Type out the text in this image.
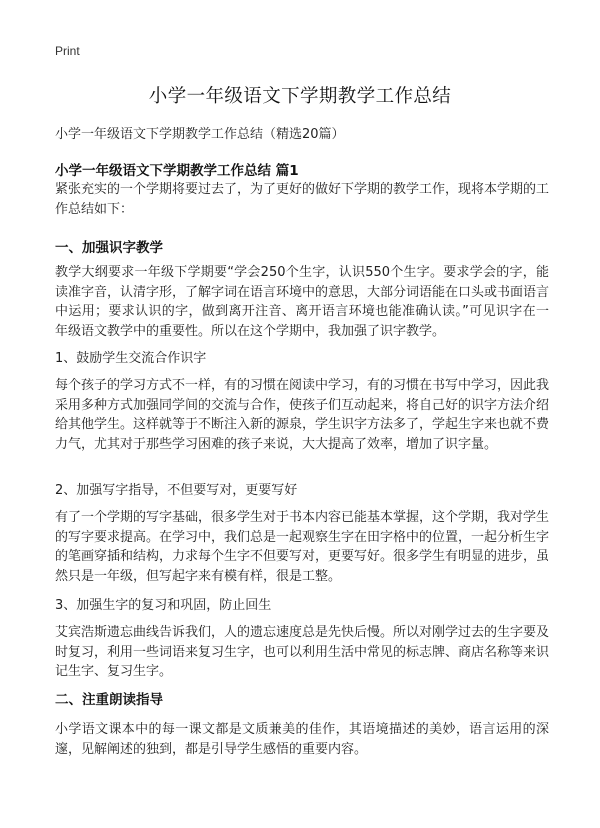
Print
小学一年级语文下学期教学工作总结
小学一年级语文下学期教学工作总结（精选20篇）
小学一年级语文下学期教学工作总结 篇1
紧张充实的一个学期将要过去了，为了更好的做好下学期的教学工作，现将本学期的工作总结如下：
一、加强识字教学
教学大纲要求一年级下学期要“学会250个生字，认识550个生字。要求学会的字，能读准字音，认清字形，了解字词在语言环境中的意思，大部分词语能在口头或书面语言中运用；要求认识的字，做到离开注音、离开语言环境也能准确认读。”可见识字在一年级语文教学中的重要性。所以在这个学期中，我加强了识字教学。
1、鼓励学生交流合作识字
每个孩子的学习方式不一样，有的习惯在阅读中学习，有的习惯在书写中学习，因此我采用多种方式加强同学间的交流与合作，使孩子们互动起来，将自己好的识字方法介绍给其他学生。这样就等于不断注入新的源泉，学生识字方法多了，学起生字来也就不费力气，尤其对于那些学习困难的孩子来说，大大提高了效率，增加了识字量。
2、加强写字指导，不但要写对，更要写好
有了一个学期的写字基础，很多学生对于书本内容已能基本掌握，这个学期，我对学生的写字要求提高。在学习中，我们总是一起观察生字在田字格中的位置，一起分析生字的笔画穿插和结构，力求每个生字不但要写对，更要写好。很多学生有明显的进步，虽然只是一年级，但写起字来有模有样，很是工整。
3、加强生字的复习和巩固，防止回生
艾宾浩斯遗忘曲线告诉我们，人的遗忘速度总是先快后慢。所以对刚学过去的生字要及时复习，利用一些词语来复习生字，也可以利用生活中常见的标志牌、商店名称等来识记生字、复习生字。
二、注重朗读指导
小学语文课本中的每一课文都是文质兼美的佳作，其语境描述的美妙，语言运用的深邃，见解阐述的独到，都是引导学生感悟的重要内容。
